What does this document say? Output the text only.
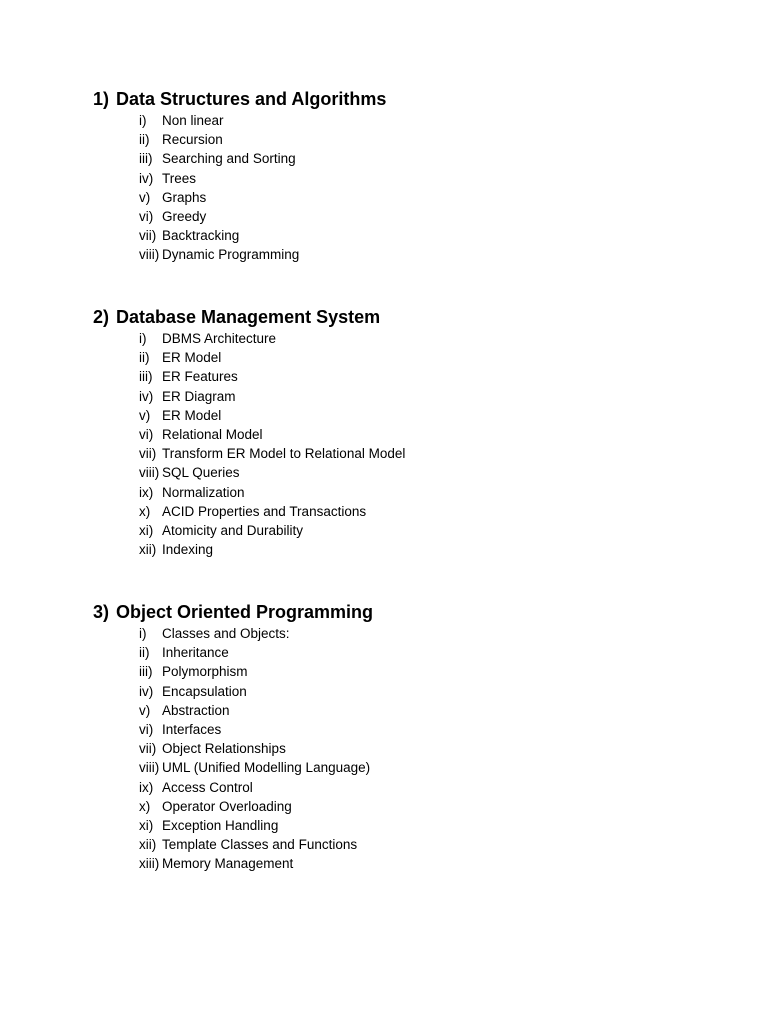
1) Data Structures and Algorithms
i)	Non linear
ii) Recursion
iii) Searching and Sorting
iv) Trees
v) Graphs
vi) Greedy
vii) Backtracking
viii) Dynamic Programming
2) Database Management System
i)	DBMS Architecture
ii) ER Model
iii) ER Features
iv) ER Diagram
v) ER Model
vi) Relational Model
vii) Transform ER Model to Relational Model
viii) SQL Queries
ix) Normalization
x) ACID Properties and Transactions
xi) Atomicity and Durability
xii) Indexing
3) Object Oriented Programming
i)	Classes and Objects:
ii) Inheritance
iii) Polymorphism
iv) Encapsulation
v) Abstraction
vi) Interfaces
vii) Object Relationships
viii) UML (Unified Modelling Language)
ix) Access Control
x) Operator Overloading
xi) Exception Handling
xii) Template Classes and Functions
xiii) Memory Management
